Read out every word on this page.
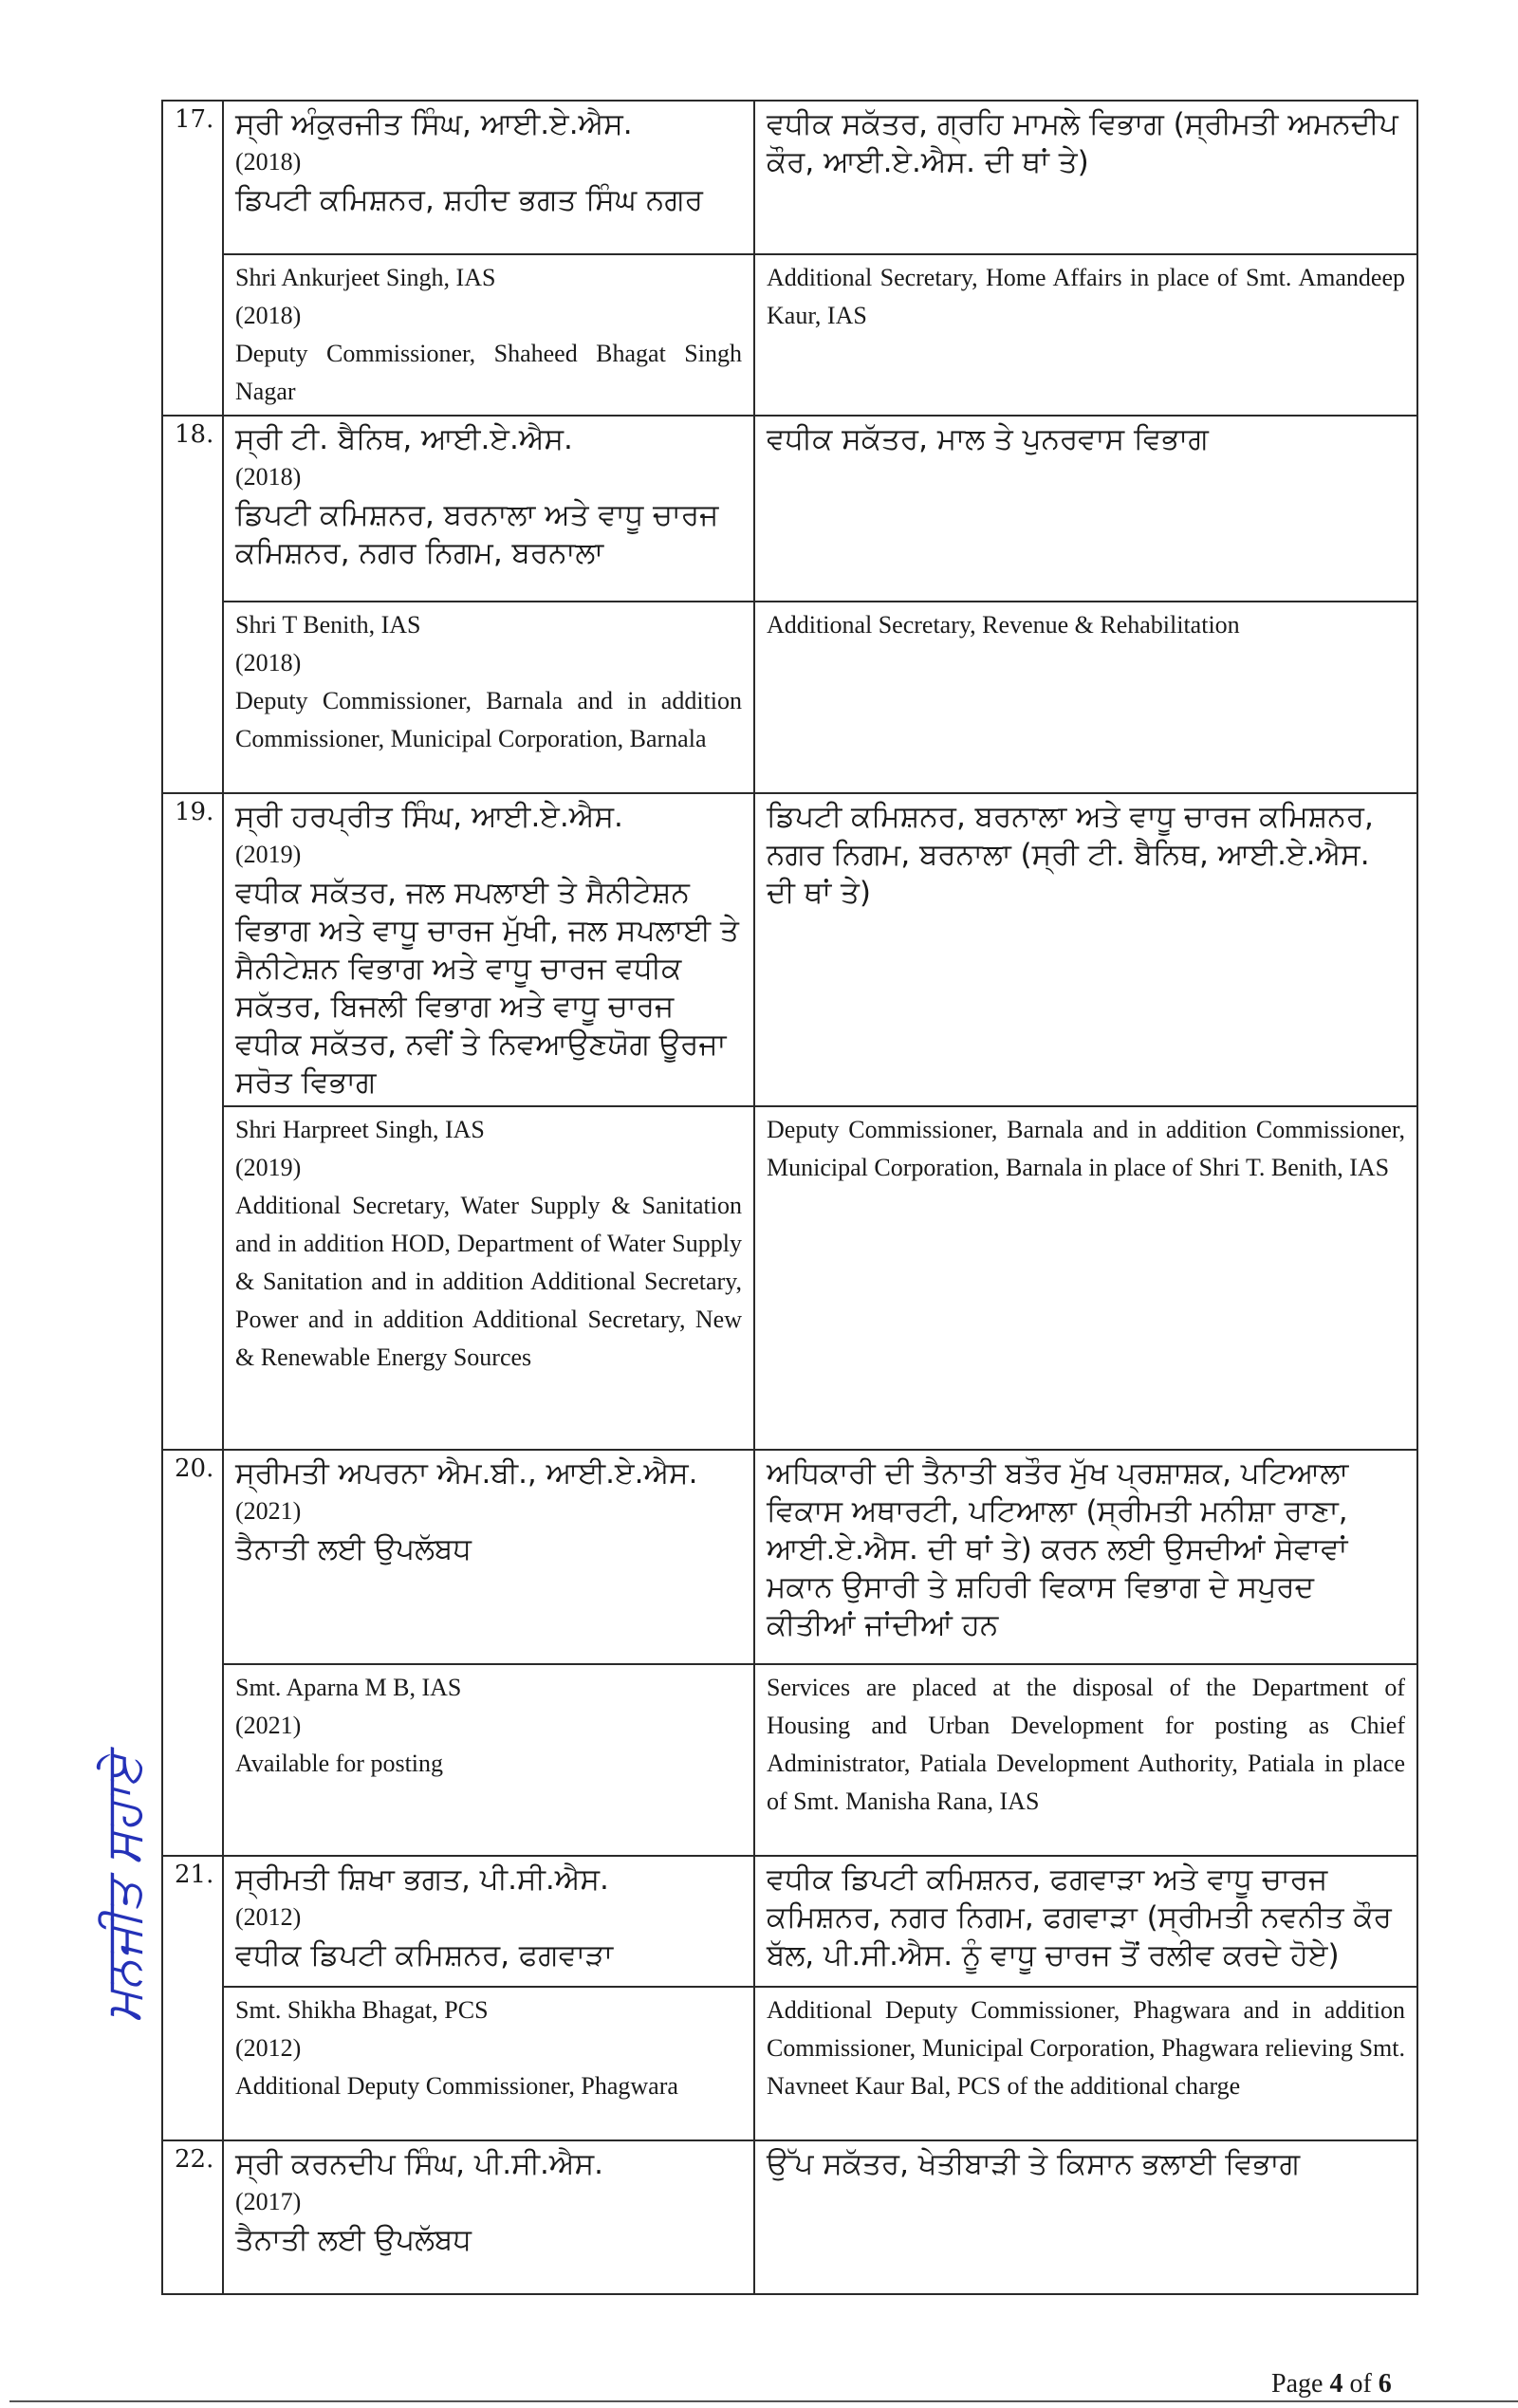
17.	ਸ੍ਰੀ ਅੰਕੁਰਜੀਤ ਸਿੰਘ, ਆਈ.ਏ.ਐਸ.
(2018)
ਡਿਪਟੀ ਕਮਿਸ਼ਨਰ, ਸ਼ਹੀਦ ਭਗਤ ਸਿੰਘ ਨਗਰ	ਵਧੀਕ ਸਕੱਤਰ, ਗ੍ਰਹਿ ਮਾਮਲੇ ਵਿਭਾਗ (ਸ੍ਰੀਮਤੀ ਅਮਨਦੀਪ ਕੌਰ, ਆਈ.ਏ.ਐਸ. ਦੀ ਥਾਂ ਤੇ)

	Shri Ankurjeet Singh, IAS
(2018)
Deputy Commissioner, Shaheed Bhagat Singh Nagar	Additional Secretary, Home Affairs in place of Smt. Amandeep Kaur, IAS
18.	ਸ੍ਰੀ ਟੀ. ਬੈਨਿਥ, ਆਈ.ਏ.ਐਸ.
(2018)
ਡਿਪਟੀ ਕਮਿਸ਼ਨਰ, ਬਰਨਾਲਾ ਅਤੇ ਵਾਧੂ ਚਾਰਜ ਕਮਿਸ਼ਨਰ, ਨਗਰ ਨਿਗਮ, ਬਰਨਾਲਾ	ਵਧੀਕ ਸਕੱਤਰ, ਮਾਲ ਤੇ ਪੁਨਰਵਾਸ ਵਿਭਾਗ

	Shri T Benith, IAS
(2018)
Deputy Commissioner, Barnala and in addition Commissioner, Municipal Corporation, Barnala	Additional Secretary, Revenue & Rehabilitation
19.	ਸ੍ਰੀ ਹਰਪ੍ਰੀਤ ਸਿੰਘ, ਆਈ.ਏ.ਐਸ.
(2019)
ਵਧੀਕ ਸਕੱਤਰ, ਜਲ ਸਪਲਾਈ ਤੇ ਸੈਨੀਟੇਸ਼ਨ ਵਿਭਾਗ ਅਤੇ ਵਾਧੂ ਚਾਰਜ ਮੁੱਖੀ, ਜਲ ਸਪਲਾਈ ਤੇ ਸੈਨੀਟੇਸ਼ਨ ਵਿਭਾਗ ਅਤੇ ਵਾਧੂ ਚਾਰਜ ਵਧੀਕ ਸਕੱਤਰ, ਬਿਜਲੀ ਵਿਭਾਗ ਅਤੇ ਵਾਧੂ ਚਾਰਜ ਵਧੀਕ ਸਕੱਤਰ, ਨਵੀਂ ਤੇ ਨਿਵਆਉਣਯੋਗ ਊਰਜਾ ਸਰੋਤ ਵਿਭਾਗ	ਡਿਪਟੀ ਕਮਿਸ਼ਨਰ, ਬਰਨਾਲਾ ਅਤੇ ਵਾਧੂ ਚਾਰਜ ਕਮਿਸ਼ਨਰ, ਨਗਰ ਨਿਗਮ, ਬਰਨਾਲਾ (ਸ੍ਰੀ ਟੀ. ਬੈਨਿਥ, ਆਈ.ਏ.ਐਸ. ਦੀ ਥਾਂ ਤੇ)

	Shri Harpreet Singh, IAS
(2019)
Additional Secretary, Water Supply & Sanitation and in addition HOD, Department of Water Supply & Sanitation and in addition Additional Secretary, Power and in addition Additional Secretary, New & Renewable Energy Sources	Deputy Commissioner, Barnala and in addition Commissioner, Municipal Corporation, Barnala in place of Shri T. Benith, IAS
20.	ਸ੍ਰੀਮਤੀ ਅਪਰਨਾ ਐਮ.ਬੀ., ਆਈ.ਏ.ਐਸ.
(2021)
ਤੈਨਾਤੀ ਲਈ ਉਪਲੱਬਧ	ਅਧਿਕਾਰੀ ਦੀ ਤੈਨਾਤੀ ਬਤੌਰ ਮੁੱਖ ਪ੍ਰਸ਼ਾਸ਼ਕ, ਪਟਿਆਲਾ ਵਿਕਾਸ ਅਥਾਰਟੀ, ਪਟਿਆਲਾ (ਸ੍ਰੀਮਤੀ ਮਨੀਸ਼ਾ ਰਾਣਾ, ਆਈ.ਏ.ਐਸ. ਦੀ ਥਾਂ ਤੇ) ਕਰਨ ਲਈ ਉਸਦੀਆਂ ਸੇਵਾਵਾਂ ਮਕਾਨ ਉਸਾਰੀ ਤੇ ਸ਼ਹਿਰੀ ਵਿਕਾਸ ਵਿਭਾਗ ਦੇ ਸਪੁਰਦ ਕੀਤੀਆਂ ਜਾਂਦੀਆਂ ਹਨ

	Smt. Aparna M B, IAS
(2021)
Available for posting	Services are placed at the disposal of the Department of Housing and Urban Development for posting as Chief Administrator, Patiala Development Authority, Patiala in place of Smt. Manisha Rana, IAS
21.	ਸ੍ਰੀਮਤੀ ਸ਼ਿਖਾ ਭਗਤ, ਪੀ.ਸੀ.ਐਸ.
(2012)
ਵਧੀਕ ਡਿਪਟੀ ਕਮਿਸ਼ਨਰ, ਫਗਵਾੜਾ	ਵਧੀਕ ਡਿਪਟੀ ਕਮਿਸ਼ਨਰ, ਫਗਵਾੜਾ ਅਤੇ ਵਾਧੂ ਚਾਰਜ ਕਮਿਸ਼ਨਰ, ਨਗਰ ਨਿਗਮ, ਫਗਵਾੜਾ (ਸ੍ਰੀਮਤੀ ਨਵਨੀਤ ਕੌਰ ਬੱਲ, ਪੀ.ਸੀ.ਐਸ. ਨੂੰ ਵਾਧੂ ਚਾਰਜ ਤੋਂ ਰਲੀਵ ਕਰਦੇ ਹੋਏ)

	Smt. Shikha Bhagat, PCS
(2012)
Additional Deputy Commissioner, Phagwara	Additional Deputy Commissioner, Phagwara and in addition Commissioner, Municipal Corporation, Phagwara relieving Smt. Navneet Kaur Bal, PCS of the additional charge
22.	ਸ੍ਰੀ ਕਰਨਦੀਪ ਸਿੰਘ, ਪੀ.ਸੀ.ਐਸ.
(2017)
ਤੈਨਾਤੀ ਲਈ ਉਪਲੱਬਧ	ਉੱਪ ਸਕੱਤਰ, ਖੇਤੀਬਾੜੀ ਤੇ ਕਿਸਾਨ ਭਲਾਈ ਵਿਭਾਗ
ਮਨਜੀਤ ਸਹਾਏ
Page 4 of 6
